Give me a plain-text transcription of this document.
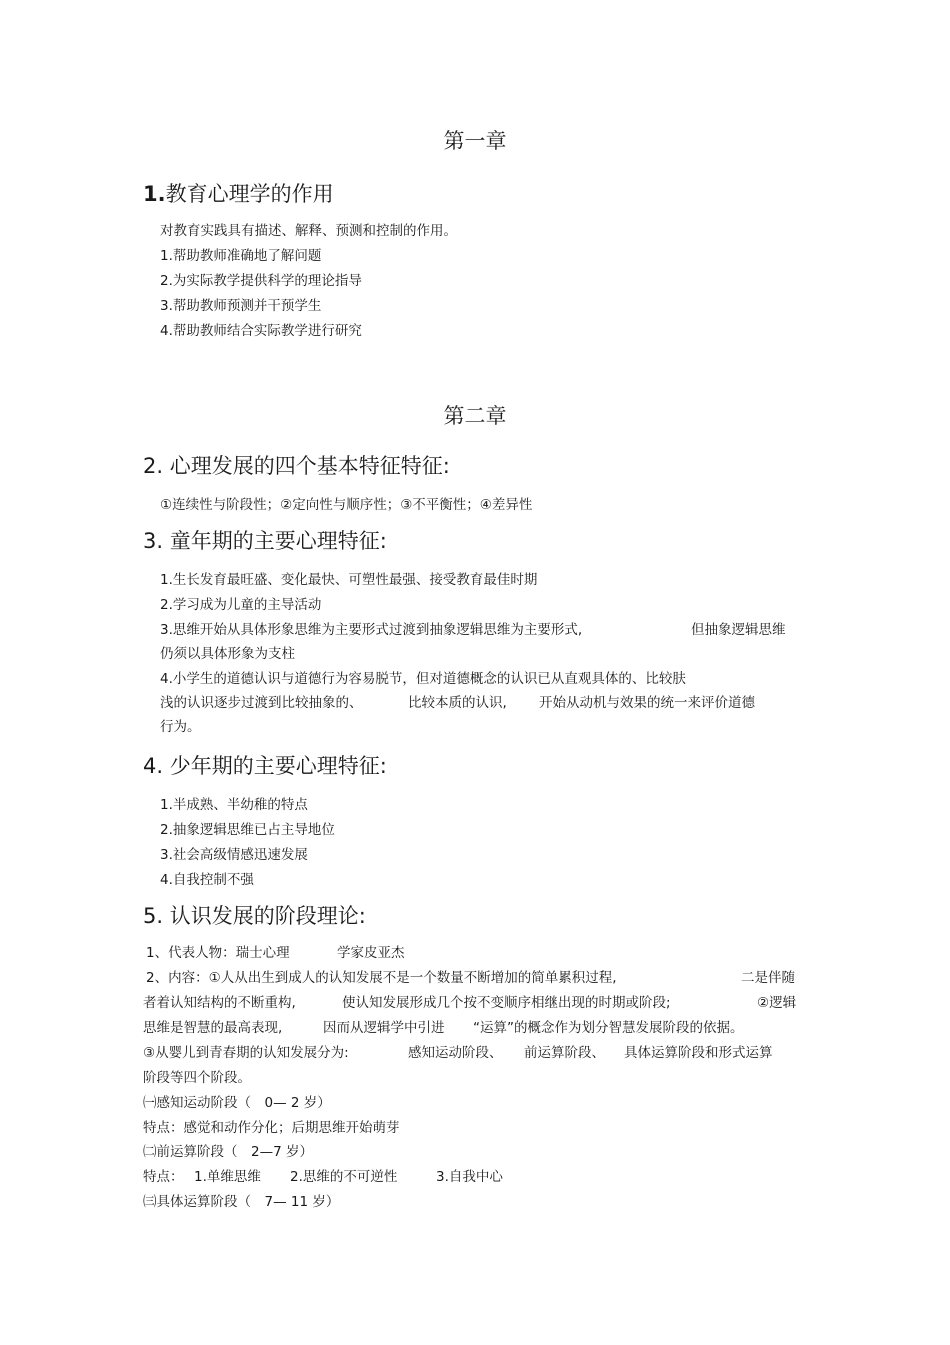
第一章
1.教育心理学的作用
对教育实践具有描述、解释、预测和控制的作用。
1.帮助教师准确地了解问题
2.为实际教学提供科学的理论指导
3.帮助教师预测并干预学生
4.帮助教师结合实际教学进行研究
第二章
2. 心理发展的四个基本特征特征:
①连续性与阶段性；②定向性与顺序性；③不平衡性；④差异性
3. 童年期的主要心理特征:
1.生长发育最旺盛、变化最快、可塑性最强、接受教育最佳时期
2.学习成为儿童的主导活动
3.思维开始从具体形象思维为主要形式过渡到抽象逻辑思维为主要形式,	但抽象逻辑思维
仍须以具体形象为支柱
4.小学生的道德认识与道德行为容易脱节，但对道德概念的认识已从直观具体的、比较肤
浅的认识逐步过渡到比较抽象的、	比较本质的认识, 开始从动机与效果的统一来评价道德
行为。
4. 少年期的主要心理特征:
1.半成熟、半幼稚的特点
2.抽象逻辑思维已占主导地位
3.社会高级情感迅速发展
4.自我控制不强
5. 认识发展的阶段理论:
1、代表人物：瑞士心理	学家皮亚杰
2、内容：①人从出生到成人的认知发展不是一个数量不断增加的简单累积过程,	二是伴随
者着认知结构的不断重构,	使认知发展形成几个按不变顺序相继出现的时期或阶段;	②逻辑
思维是智慧的最高表现,	因而从逻辑学中引进 “运算”的概念作为划分智慧发展阶段的依据。
③从婴儿到青春期的认知发展分为:	感知运动阶段、 前运算阶段、 具体运算阶段和形式运算
阶段等四个阶段。
㈠感知运动阶段（　0— 2 岁）
特点：感觉和动作分化；后期思维开始萌芽
㈡前运算阶段（　2—7 岁）
特点： 1.单维思维 2.思维的不可逆性	3.自我中心
㈢具体运算阶段（　7— 11 岁）
